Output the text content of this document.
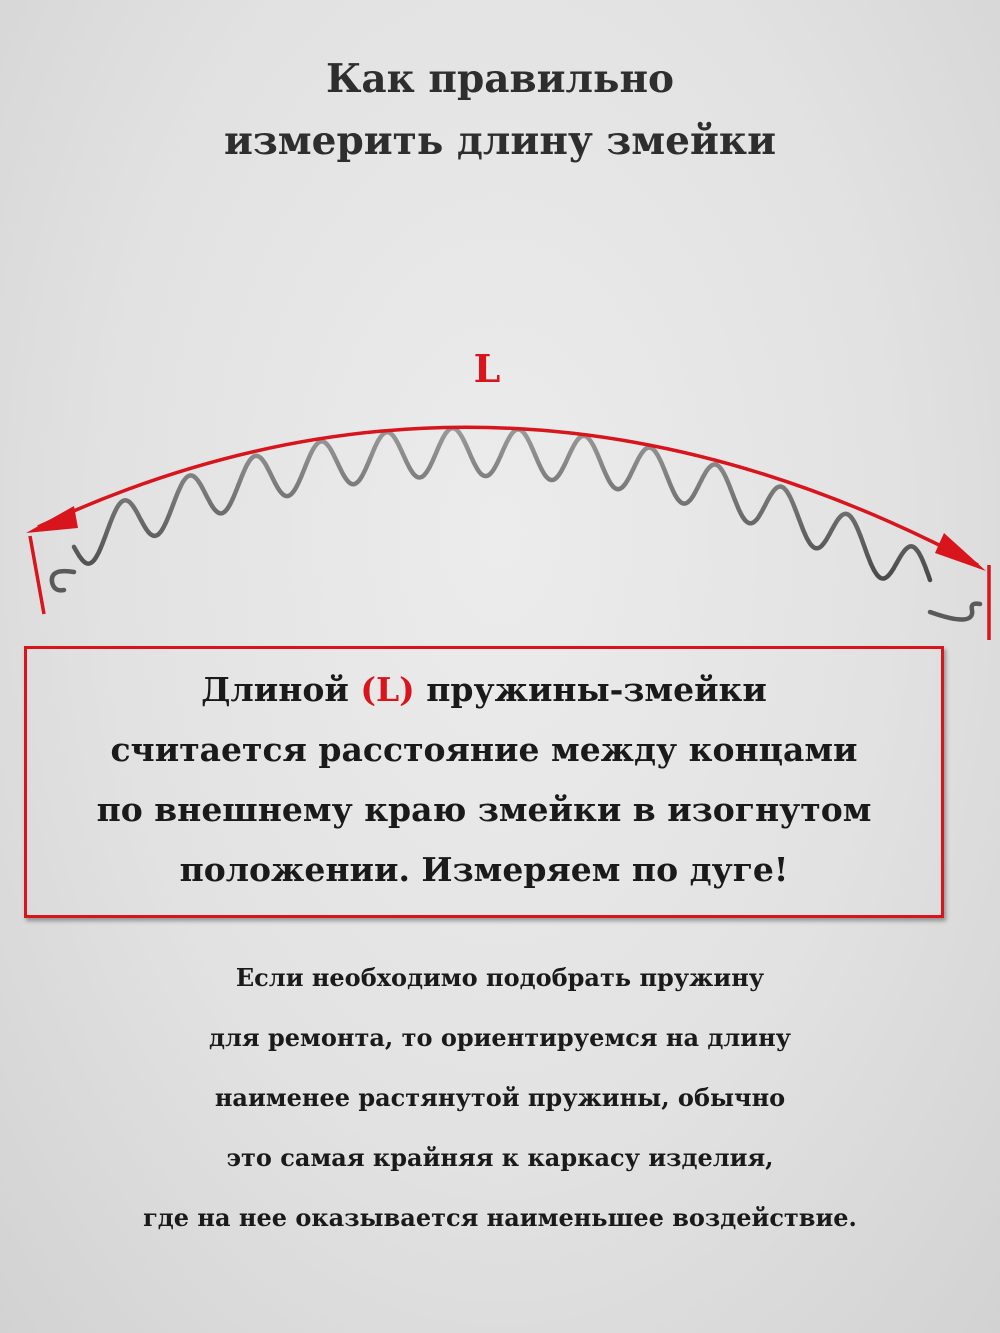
Как правильно
измерить длину змейки
L
Длиной (L) пружины-змейки
считается расстояние между концами
по внешнему краю змейки в изогнутом
положении. Измеряем по дуге!
Если необходимо подобрать пружину
для ремонта, то ориентируемся на длину
наименее растянутой пружины, обычно
это самая крайняя к каркасу изделия,
где на нее оказывается наименьшее воздействие.
